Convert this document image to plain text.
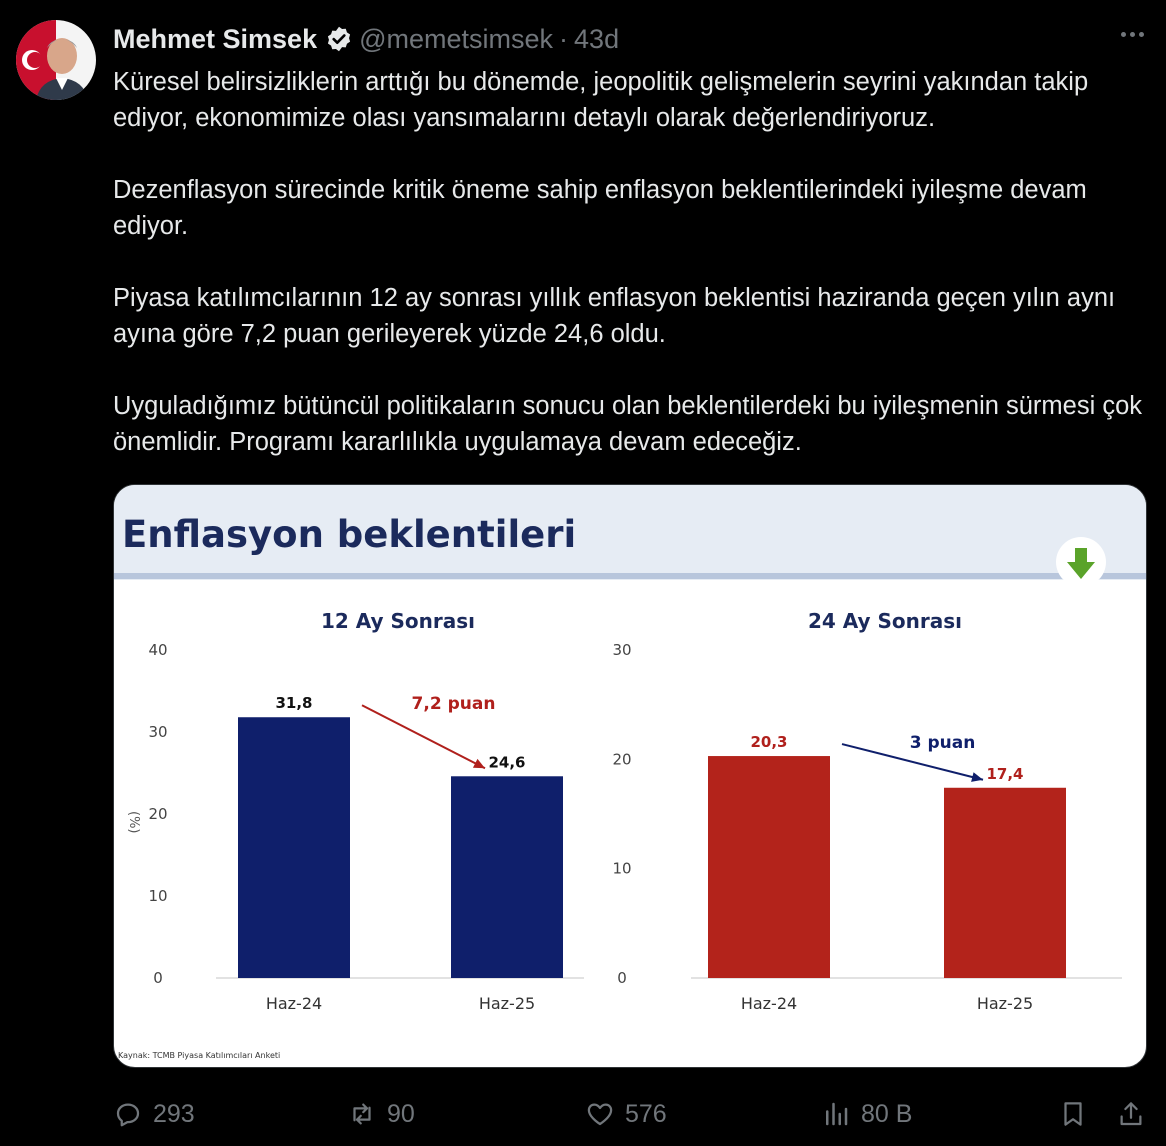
Mehmet Simsek @memetsimsek · 43d

Küresel belirsizliklerin arttığı bu dönemde, jeopolitik gelişmelerin seyrini yakından takip ediyor, ekonomimize olası yansımalarını detaylı olarak değerlendiriyoruz.

Dezenflasyon sürecinde kritik öneme sahip enflasyon beklentilerindeki iyileşme devam ediyor.

Piyasa katılımcılarının 12 ay sonrası yıllık enflasyon beklentisi haziranda geçen yılın aynı ayına göre 7,2 puan gerileyerek yüzde 24,6 oldu.

Uyguladığımız bütüncül politikaların sonucu olan beklentilerdeki bu iyileşmenin sürmesi çok önemlidir. Programı kararlılıkla uygulamaya devam edeceğiz.

Enflasyon beklentileri
(%)
Kaynak: TCMB Piyasa Katılımcıları Anketi
12 Ay Sonrası
0
10
20
30
40
31,8
Haz-24
24,6
Haz-25
7,2 puan
24 Ay Sonrası
0
10
20
30
20,3
Haz-24
17,4
Haz-25
3 puan
293	90	576	80 B
